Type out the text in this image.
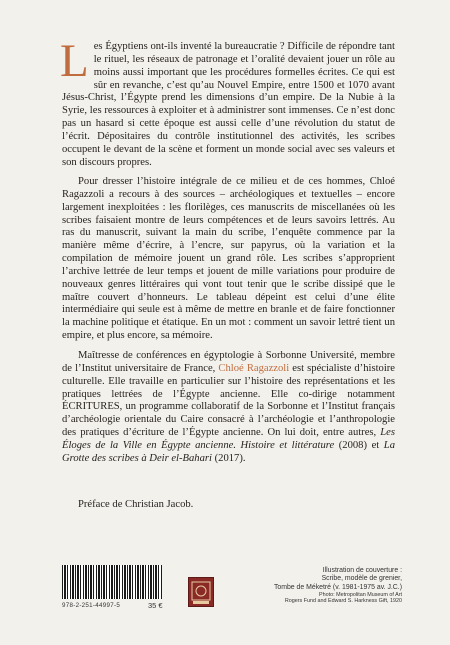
Les Égyptiens ont-ils inventé la bureaucratie ? Difficile de répondre tant le rituel, les réseaux de patronage et l’oralité devaient jouer un rôle au moins aussi important que les procédures formelles écrites. Ce qui est sûr en revanche, c’est qu’au Nouvel Empire, entre 1500 et 1070 avant Jésus-Christ, l’Égypte prend les dimensions d’un empire. De la Nubie à la Syrie, les ressources à exploiter et à administrer sont immenses. Ce n’est donc pas un hasard si cette époque est aussi celle d’une révolution du statut de l’écrit. Dépositaires du contrôle institutionnel des activités, les scribes occupent le devant de la scène et forment un monde social avec ses valeurs et son discours propres.
Pour dresser l’histoire intégrale de ce milieu et de ces hommes, Chloé Ragazzoli a recours à des sources – archéologiques et textuelles – encore largement inexploitées : les florilèges, ces manuscrits de miscellanées où les scribes faisaient montre de leurs compétences et de leurs savoirs lettrés. Au ras du manuscrit, suivant la main du scribe, l’enquête commence par la manière même d’écrire, à l’encre, sur papyrus, où la variation et la compilation de mémoire jouent un grand rôle. Les scribes s’approprient l’archive lettrée de leur temps et jouent de mille variations pour produire de nouveaux genres littéraires qui vont tout tenir que le scribe dissipé que le maître couvert d’honneurs. Le tableau dépeint est celui d’une élite intermédiaire qui seule est à même de mettre en branle et de faire fonctionner la machine politique et étatique. En un mot : comment un savoir lettré tient un empire, et plus encore, sa mémoire.
Maîtresse de conférences en égyptologie à Sorbonne Université, membre de l’Institut universitaire de France, Chloé Ragazzoli est spécialiste d’histoire culturelle. Elle travaille en particulier sur l’histoire des représentations et les pratiques lettrées de l’Égypte ancienne. Elle co-dirige notamment ÉCRITURES, un programme collaboratif de la Sorbonne et l’Institut français d’archéologie orientale du Caire consacré à l’archéologie et l’anthropologie des pratiques d’écriture de l’Égypte ancienne. On lui doit, entre autres, Les Éloges de la Ville en Égypte ancienne. Histoire et littérature (2008) et La Grotte des scribes à Deir el-Bahari (2017).
Préface de Christian Jacob.
978-2-251-44997-5	35 €
Illustration de couverture :
Scribe, modèle de grenier,
Tombe de Méketré (v. 1981-1975 av. J.C.)
Photo: Metropolitan Museum of Art
Rogers Fund and Edward S. Harkness Gift, 1920
